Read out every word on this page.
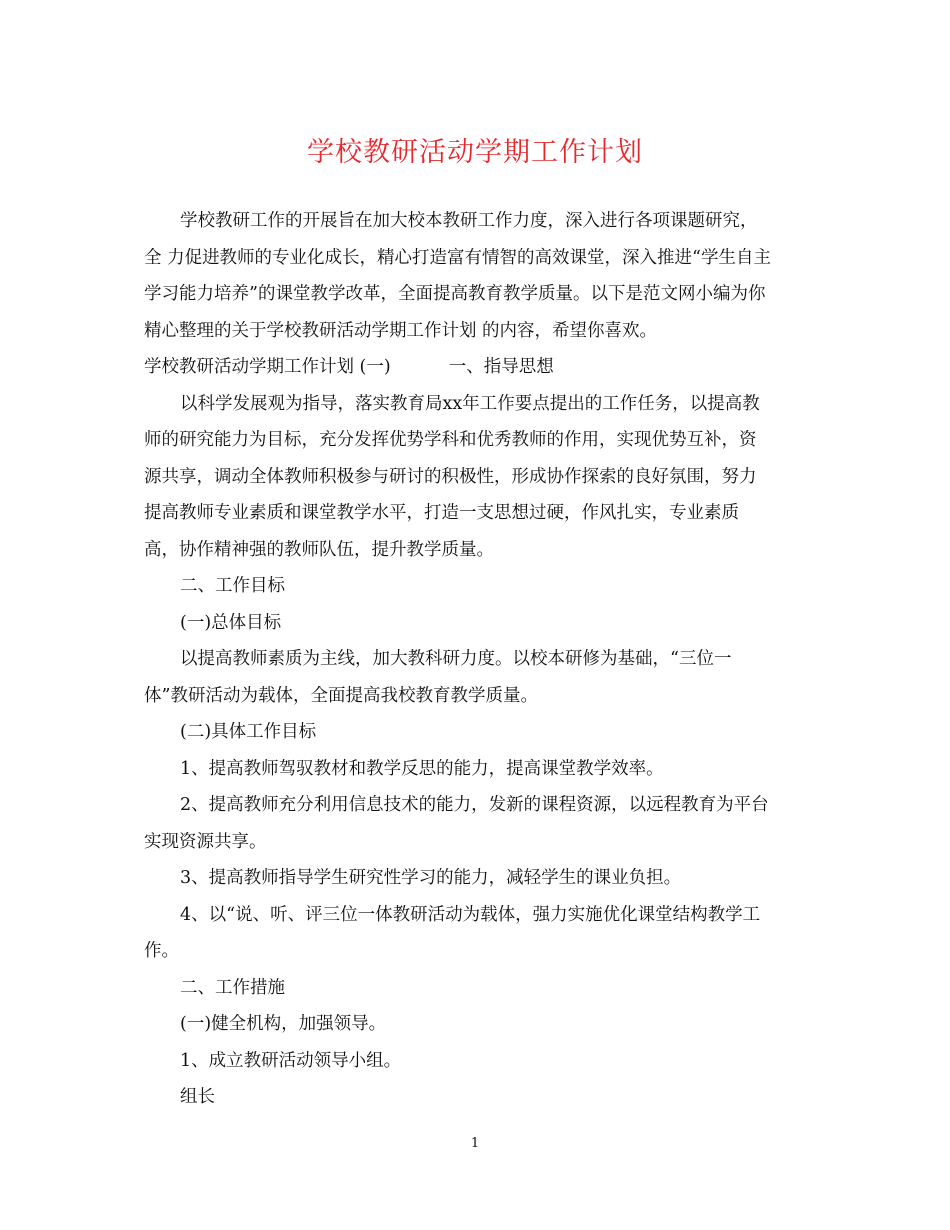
学校教研活动学期工作计划
学校教研工作的开展旨在加大校本教研工作力度，深入进行各项课题研究，
全 力促进教师的专业化成长，精心打造富有情智的高效课堂，深入推进“学生自主
学习能力培养”的课堂教学改革，全面提高教育教学质量。以下是范文网小编为你
精心整理的关于学校教研活动学期工作计划 的内容，希望你喜欢。
学校教研活动学期工作计划 (一)	一、指导思想
以科学发展观为指导，落实教育局xx年工作要点提出的工作任务，以提高教
师的研究能力为目标，充分发挥优势学科和优秀教师的作用，实现优势互补，资
源共享，调动全体教师积极参与研讨的积极性，形成协作探索的良好氛围，努力
提高教师专业素质和课堂教学水平，打造一支思想过硬，作风扎实，专业素质
高，协作精神强的教师队伍，提升教学质量。
二、工作目标
(一)总体目标
以提高教师素质为主线，加大教科研力度。以校本研修为基础，“三位一
体”教研活动为载体，全面提高我校教育教学质量。
(二)具体工作目标
1、提高教师驾驭教材和教学反思的能力，提高课堂教学效率。
2、提高教师充分利用信息技术的能力，发新的课程资源，以远程教育为平台
实现资源共享。
3、提高教师指导学生研究性学习的能力，减轻学生的课业负担。
4、以“说、听、评三位一体教研活动为载体，强力实施优化课堂结构教学工
作。
二、工作措施
(一)健全机构，加强领导。
1、成立教研活动领导小组。
组长
1
